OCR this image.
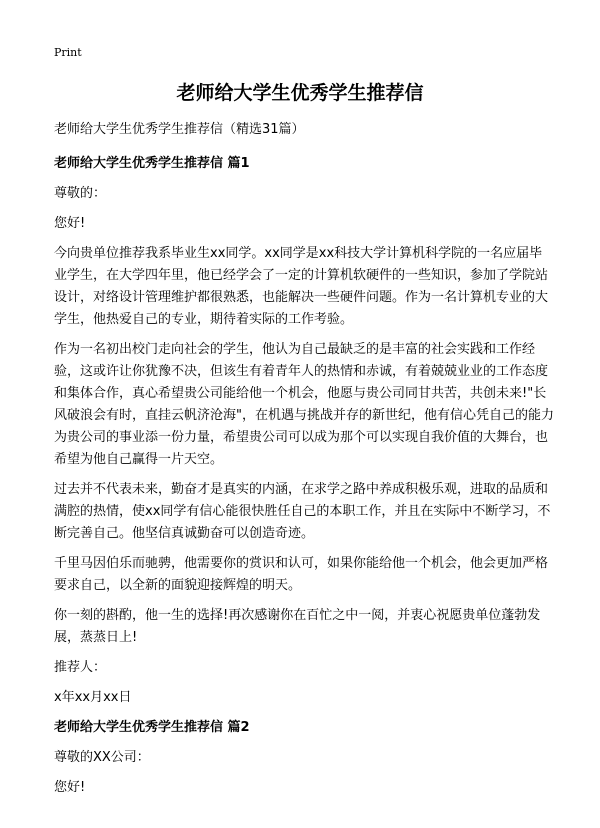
Print
老师给大学生优秀学生推荐信

老师给大学生优秀学生推荐信（精选31篇）

老师给大学生优秀学生推荐信 篇1

尊敬的：

您好!

今向贵单位推荐我系毕业生xx同学。xx同学是xx科技大学计算机科学院的一名应届毕业学生，在大学四年里，他已经学会了一定的计算机软硬件的一些知识，参加了学院站设计，对络设计管理维护都很熟悉，也能解决一些硬件问题。作为一名计算机专业的大学生，他热爱自己的专业，期待着实际的工作考验。

作为一名初出校门走向社会的学生，他认为自己最缺乏的是丰富的社会实践和工作经验，这或许让你犹豫不决，但该生有着青年人的热情和赤诚，有着兢兢业业的工作态度和集体合作，真心希望贵公司能给他一个机会，他愿与贵公司同甘共苦，共创未来!"长风破浪会有时，直挂云帆济沧海"，在机遇与挑战并存的新世纪，他有信心凭自己的能力为贵公司的事业添一份力量，希望贵公司可以成为那个可以实现自我价值的大舞台，也希望为他自己赢得一片天空。

过去并不代表未来，勤奋才是真实的内涵，在求学之路中养成积极乐观，进取的品质和满腔的热情，使xx同学有信心能很快胜任自己的本职工作，并且在实际中不断学习，不断完善自己。他坚信真诚勤奋可以创造奇迹。

千里马因伯乐而驰骋，他需要你的赏识和认可，如果你能给他一个机会，他会更加严格要求自己，以全新的面貌迎接辉煌的明天。

你一刻的斟酌，他一生的选择!再次感谢你在百忙之中一阅，并衷心祝愿贵单位蓬勃发展，蒸蒸日上!

推荐人：

x年xx月xx日

老师给大学生优秀学生推荐信 篇2

尊敬的XX公司：

您好!
